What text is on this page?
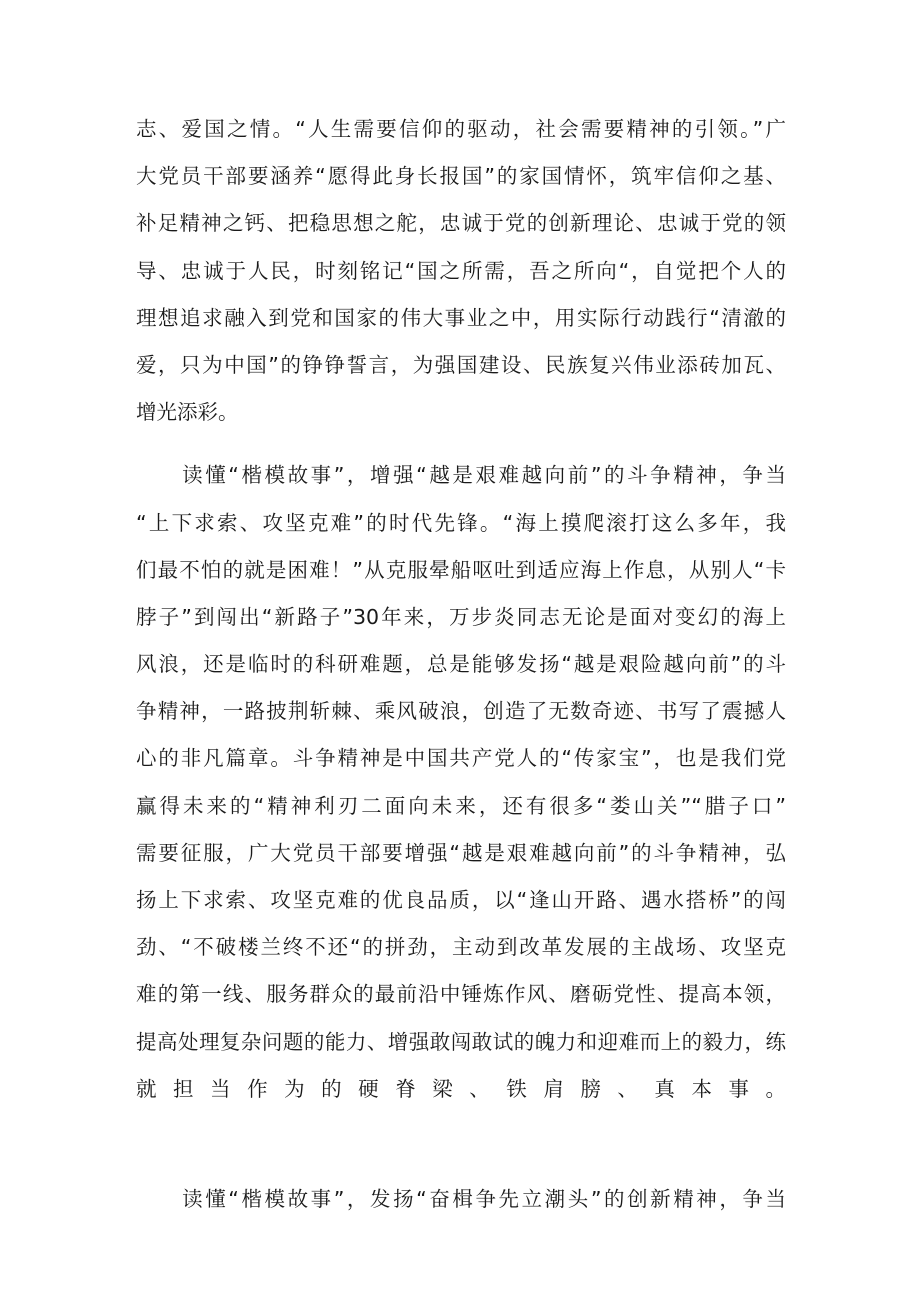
志、爱国之情。“人生需要信仰的驱动，社会需要精神的引领。”广
大党员干部要涵养“愿得此身长报国”的家国情怀，筑牢信仰之基、
补足精神之钙、把稳思想之舵，忠诚于党的创新理论、忠诚于党的领
导、忠诚于人民，时刻铭记“国之所需，吾之所向“，自觉把个人的
理想追求融入到党和国家的伟大事业之中，用实际行动践行“清澈的
爱，只为中国”的铮铮誓言，为强国建设、民族复兴伟业添砖加瓦、
增光添彩。
　　读懂“楷模故事”，增强“越是艰难越向前”的斗争精神，争当
“上下求索、攻坚克难”的时代先锋。“海上摸爬滚打这么多年，我
们最不怕的就是困难！”从克服晕船呕吐到适应海上作息，从别人“卡
脖子”到闯出“新路子”30年来，万步炎同志无论是面对变幻的海上
风浪，还是临时的科研难题，总是能够发扬“越是艰险越向前”的斗
争精神，一路披荆斩棘、乘风破浪，创造了无数奇迹、书写了震撼人
心的非凡篇章。斗争精神是中国共产党人的“传家宝”，也是我们党
赢得未来的“精神利刃二面向未来，还有很多“娄山关”“腊子口”
需要征服，广大党员干部要增强“越是艰难越向前”的斗争精神，弘
扬上下求索、攻坚克难的优良品质，以“逢山开路、遇水搭桥”的闯
劲、“不破楼兰终不还“的拼劲，主动到改革发展的主战场、攻坚克
难的第一线、服务群众的最前沿中锤炼作风、磨砺党性、提高本领，
提高处理复杂问题的能力、增强敢闯敢试的魄力和迎难而上的毅力，练
就担当作为的硬脊梁、铁肩膀、真本事。
　　读懂“楷模故事”，发扬“奋楫争先立潮头”的创新精神，争当
